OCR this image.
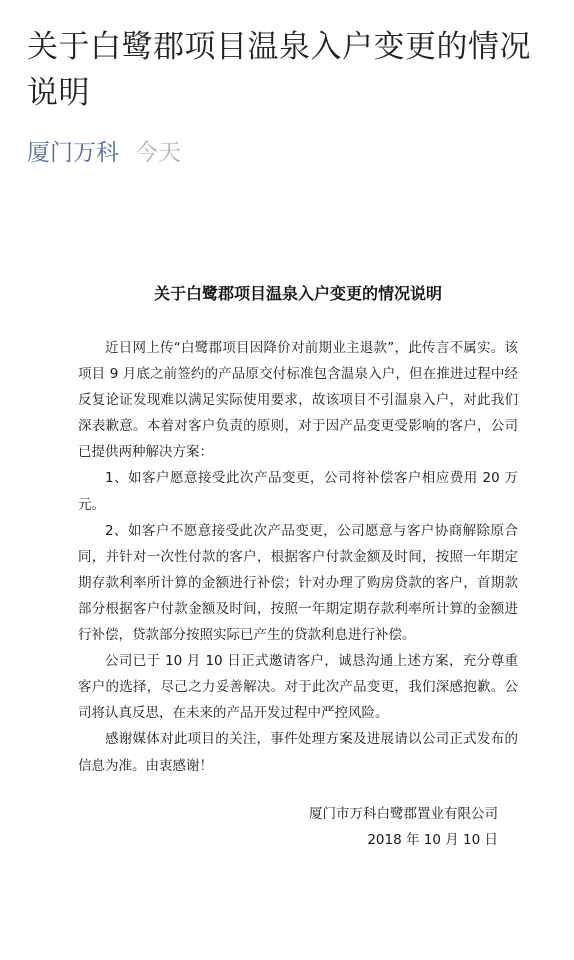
关于白鹭郡项目温泉入户变更的情况说明
厦门万科 今天
关于白鹭郡项目温泉入户变更的情况说明

近日网上传“白鹭郡项目因降价对前期业主退款”，此传言不属实。该项目 9 月底之前签约的产品原交付标准包含温泉入户，但在推进过程中经反复论证发现难以满足实际使用要求，故该项目不引温泉入户，对此我们深表歉意。本着对客户负责的原则，对于因产品变更受影响的客户，公司已提供两种解决方案：

1、如客户愿意接受此次产品变更，公司将补偿客户相应费用 20 万元。

2、如客户不愿意接受此次产品变更，公司愿意与客户协商解除原合同，并针对一次性付款的客户，根据客户付款金额及时间，按照一年期定期存款利率所计算的金额进行补偿；针对办理了购房贷款的客户，首期款部分根据客户付款金额及时间，按照一年期定期存款利率所计算的金额进行补偿，贷款部分按照实际已产生的贷款利息进行补偿。

公司已于 10 月 10 日正式邀请客户，诚恳沟通上述方案，充分尊重客户的选择，尽己之力妥善解决。对于此次产品变更，我们深感抱歉。公司将认真反思，在未来的产品开发过程中严控风险。

感谢媒体对此项目的关注，事件处理方案及进展请以公司正式发布的信息为准。由衷感谢！

厦门市万科白鹭郡置业有限公司
2018 年 10 月 10 日
